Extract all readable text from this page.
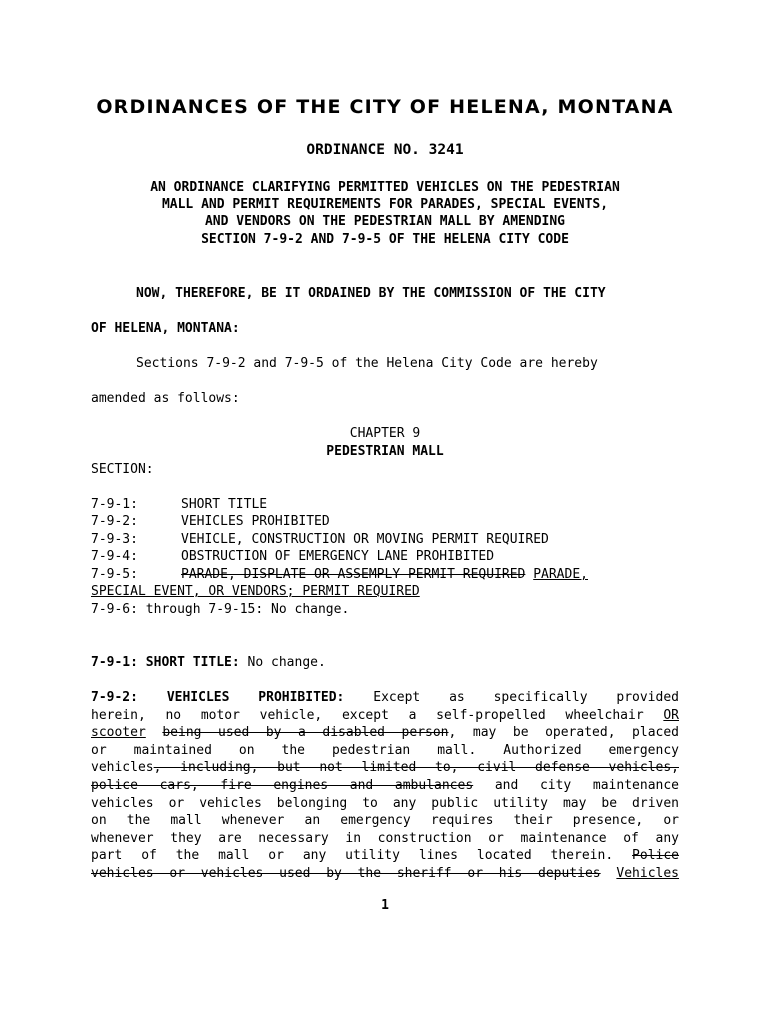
ORDINANCES OF THE CITY OF HELENA, MONTANA
ORDINANCE NO. 3241
AN ORDINANCE CLARIFYING PERMITTED VEHICLES ON THE PEDESTRIAN
MALL AND PERMIT REQUIREMENTS FOR PARADES, SPECIAL EVENTS,
AND VENDORS ON THE PEDESTRIAN MALL BY AMENDING
SECTION 7-9-2 AND 7-9-5 OF THE HELENA CITY CODE
NOW, THEREFORE, BE IT ORDAINED BY THE COMMISSION OF THE CITY
OF HELENA, MONTANA:
Sections 7-9-2 and 7-9-5 of the Helena City Code are hereby
amended as follows:
CHAPTER 9
PEDESTRIAN MALL
SECTION:
7-9-1:	SHORT TITLE
7-9-2:	VEHICLES PROHIBITED
7-9-3:	VEHICLE, CONSTRUCTION OR MOVING PERMIT REQUIRED
7-9-4:	OBSTRUCTION OF EMERGENCY LANE PROHIBITED
7-9-5:	PARADE, DISPLATE OR ASSEMPLY PERMIT REQUIRED PARADE,
SPECIAL EVENT, OR VENDORS; PERMIT REQUIRED
7-9-6: through 7-9-15: No change.
7-9-1: SHORT TITLE: No change.
7-9-2: VEHICLES PROHIBITED: Except as specifically provided
herein, no motor vehicle, except a self-propelled wheelchair OR
scooter being used by a disabled person, may be operated, placed
or maintained on the pedestrian mall. Authorized emergency
vehicles, including, but not limited to, civil defense vehicles,
police cars, fire engines and ambulances and city maintenance
vehicles or vehicles belonging to any public utility may be driven
on the mall whenever an emergency requires their presence, or
whenever they are necessary in construction or maintenance of any
part of the mall or any utility lines located therein. Police
vehicles or vehicles used by the sheriff or his deputies Vehicles
1
